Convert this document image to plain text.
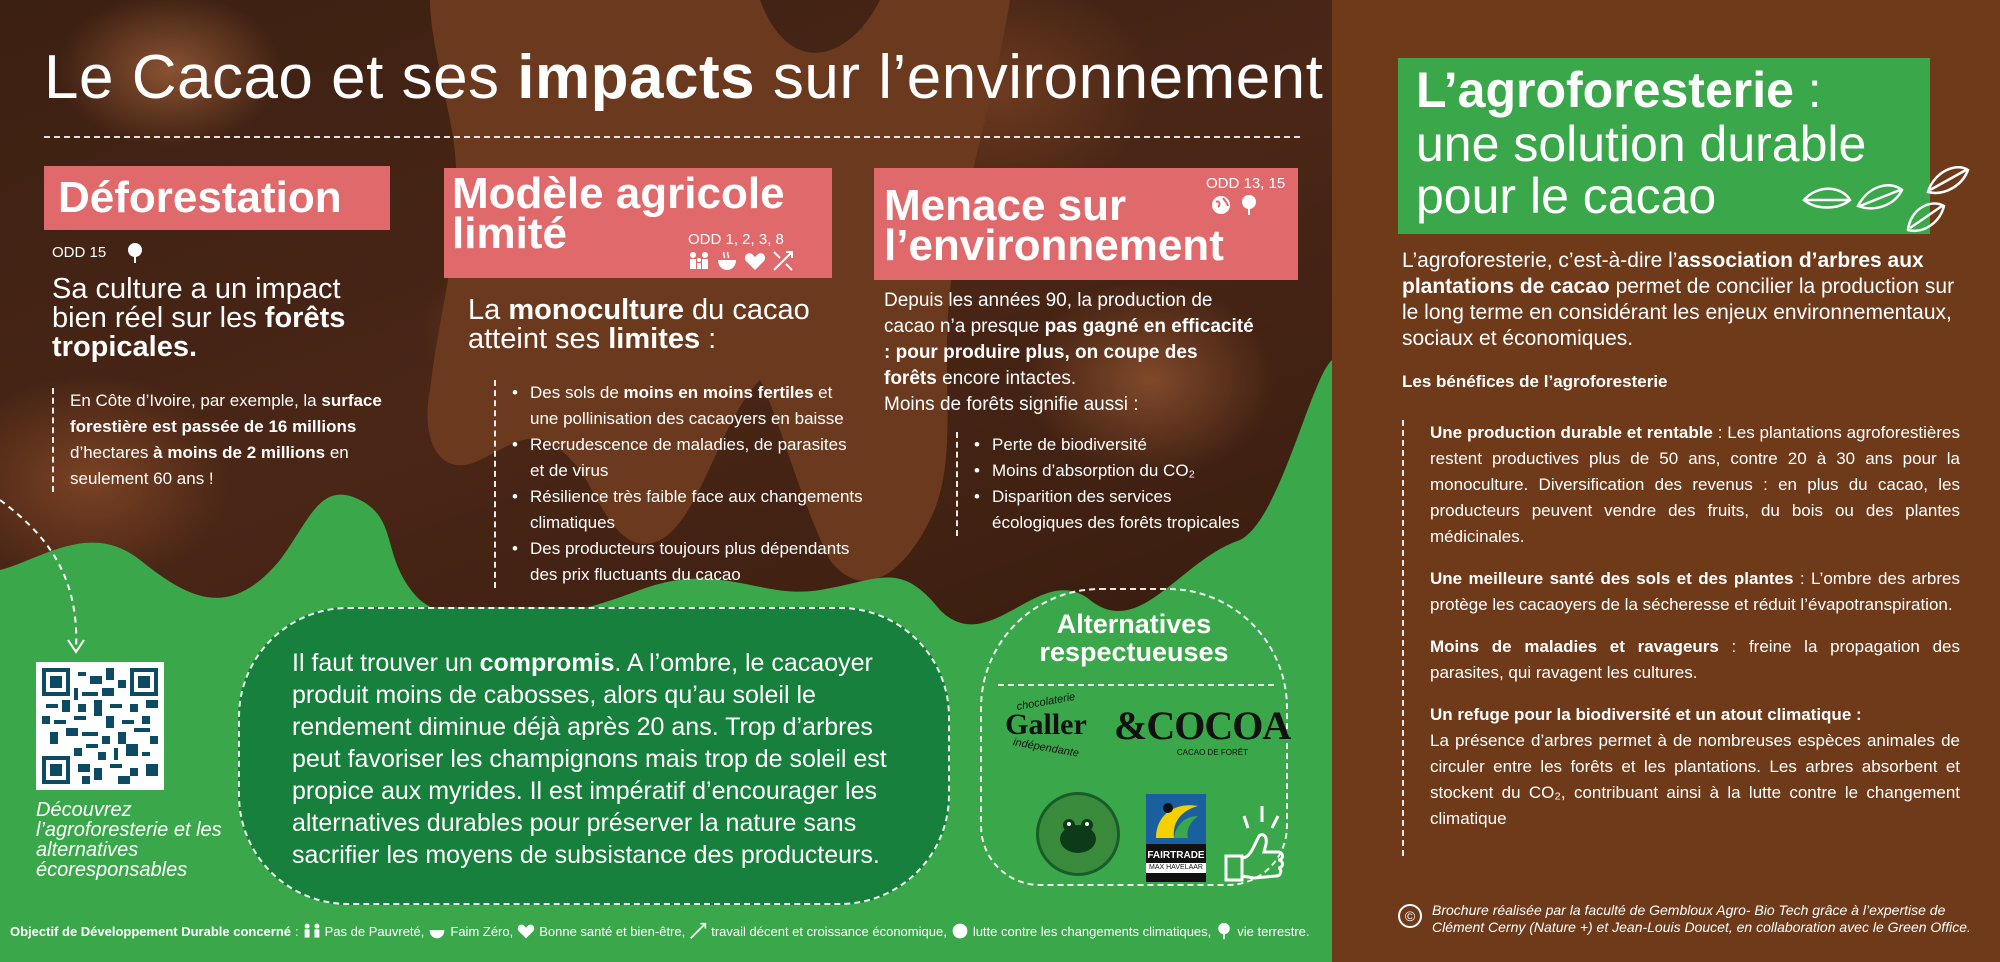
Le Cacao et ses impacts sur l’environnement
Déforestation
ODD 15
Sa culture a un impact bien réel sur les forêts tropicales.
En Côte d’Ivoire, par exemple, la surface forestière est passée de 16 millions d’hectares à moins de 2 millions en seulement 60 ans !
Modèle agricole
limité	ODD 1, 2, 3, 8
La monoculture du cacao atteint ses limites :
• Des sols de moins en moins fertiles et une pollinisation des cacaoyers en baisse
• Recrudescence de maladies, de parasites et de virus
• Résilience très faible face aux changements climatiques
• Des producteurs toujours plus dépendants des prix fluctuants du cacao
Menace sur
l’environnement
ODD 13, 15
Depuis les années 90, la production de cacao n’a presque pas gagné en efficacité : pour produire plus, on coupe des forêts encore intactes.
Moins de forêts signifie aussi :
• Perte de biodiversité
• Moins d’absorption du CO₂
• Disparition des services écologiques des forêts tropicales
Découvrez l’agroforesterie et les alternatives écoresponsables
Il faut trouver un compromis. A l’ombre, le cacaoyer produit moins de cabosses, alors qu’au soleil le rendement diminue déjà après 20 ans. Trop d’arbres peut favoriser les champignons mais trop de soleil est propice aux myrides. Il est impératif d’encourager les alternatives durables pour préserver la nature sans sacrifier les moyens de subsistance des producteurs.
Alternatives
respectueuses
chocolaterie
Galler
indépendante &COCOA
CACAO DE FORÊT
FAIRTRADE
MAX HAVELAAR
Objectif de Développement Durable concerné : Pas de Pauvreté, Faim Zéro, Bonne santé et bien-être, travail décent et croissance économique, lutte contre les changements climatiques, vie terrestre.
L’agroforesterie :
une solution durable pour le cacao
L’agroforesterie, c’est-à-dire l’association d’arbres aux plantations de cacao permet de concilier la production sur le long terme en considérant les enjeux environnementaux, sociaux et économiques.
Les bénéfices de l’agroforesterie
Une production durable et rentable : Les plantations agroforestières restent productives plus de 50 ans, contre 20 à 30 ans pour la monoculture. Diversification des revenus : en plus du cacao, les producteurs peuvent vendre des fruits, du bois ou des plantes médicinales.
Une meilleure santé des sols et des plantes : L’ombre des arbres protège les cacaoyers de la sécheresse et réduit l’évapotranspiration.
Moins de maladies et ravageurs : freine la propagation des parasites, qui ravagent les cultures.
Un refuge pour la biodiversité et un atout climatique :
La présence d’arbres permet à de nombreuses espèces animales de circuler entre les forêts et les plantations. Les arbres absorbent et stockent du CO₂, contribuant ainsi à la lutte contre le changement climatique
©	Brochure réalisée par la faculté de Gembloux Agro- Bio Tech grâce à l’expertise de Clément Cerny (Nature +) et Jean-Louis Doucet, en collaboration avec le Green Office.
